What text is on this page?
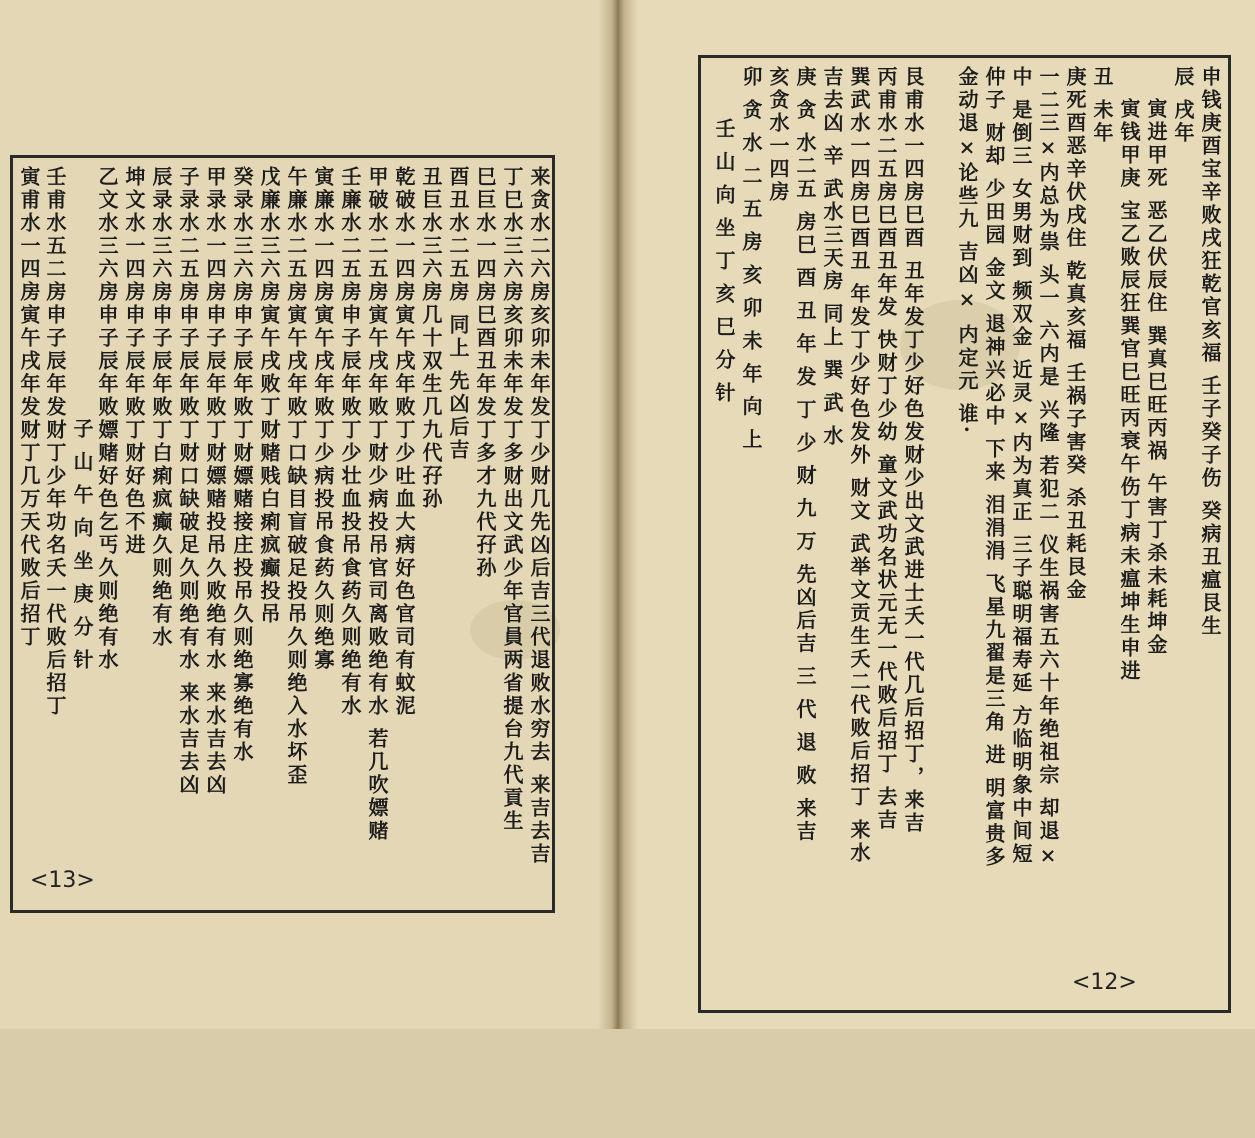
来贪水二六房亥卯未年发丁少财几先凶后吉三代退败水穷去 来吉去吉
丁巳水三六房亥卯未年发丁多财出文武少年官員两省提台九代貢生
巳巨水一四房巳酉丑年发丁多才九代孖孙
酉丑水二五房 同上 先凶后吉
丑巨水三六房几十双生几九代孖孙
乾破水一四房寅午戌年败丁少吐血大病好色官司有蚊泥
甲破水二五房寅午戌年败丁财少病投吊官司离败绝有水 若几吹嫖赌
壬廉水二五房申子辰年败丁少壮血投吊食药久则绝有水
寅廉水一四房寅午戌年败丁少病投吊食药久则绝寡
午廉水二五房寅午戌年败丁口缺目盲破足投吊久则绝入水坏歪
戊廉水三六房寅午戌败丁财赌贱白痢疯癫投吊
癸录水三六房申子辰年败丁财嫖赌接庄投吊久则绝寡绝有水
甲录水一四房申子辰年败丁财嫖赌投吊久败绝有水 来水吉去凶
子录水二五房申子辰年败丁财口缺破足久则绝有水 来水吉去凶
辰录水三六房申子辰年败丁白痢疯癫久则绝有水
坤文水一四房申子辰年败丁财好色不进
乙文水三六房申子辰年败嫖赌好色乞丐久则绝有水
子 山 午 向 坐 庚 分 针
壬甫水五二房申子辰年发财丁少年功名夭一代败后招丁
寅甫水一四房寅午戌年发财丁几万天代败后招丁
<13>
申钱庚酉宝辛败戌狂乾官亥福 壬子癸子伤 癸病丑瘟艮生
辰 戌年
寅进甲死 恶乙伏辰住 巽真巳旺丙祸 午害丁杀未耗坤金
寅钱甲庚 宝乙败辰狂巽官巳旺丙衰午伤丁病未瘟坤生申进
丑 未年
庚死酉恶辛伏戌住 乾真亥福 壬祸子害癸 杀丑耗艮金
一二三×内总为祟 头一 六内是 兴隆 若犯二 仪生祸害五六十年绝祖宗 却退×
中 是倒三 女男财到 频双金 近灵×内为真正 三子聪明福寿延 方临明象中间短
仲子 财却 少田园 金文 退神兴必中 下来 泪涓涓 飞星九翟是三角 进 明富贵多
金动退×论些九 吉凶× 内定元 谁·
艮甫水一四房巳酉 丑年发丁少好色发财少出文武进士夭一代几后招丁，来吉
丙甫水二五房巳酉丑年发 快财丁少幼 童文武功名状元无一代败后招丁 去吉
巽武水一四房巳酉丑 年发丁少好色发外 财文 武举文贡生夭二代败后招丁 来水
吉去凶 辛 武水三天房 同上 巽 武 水
庚 贪 水二五 房巳 酉 丑 年 发 丁 少 财 九 万 先凶后吉 三 代 退 败 来吉
亥贪水一四房
卯 贪 水 二 五 房 亥 卯 未 年 向 上
壬 山 向 坐 丁 亥 巳 分 针
<12>
